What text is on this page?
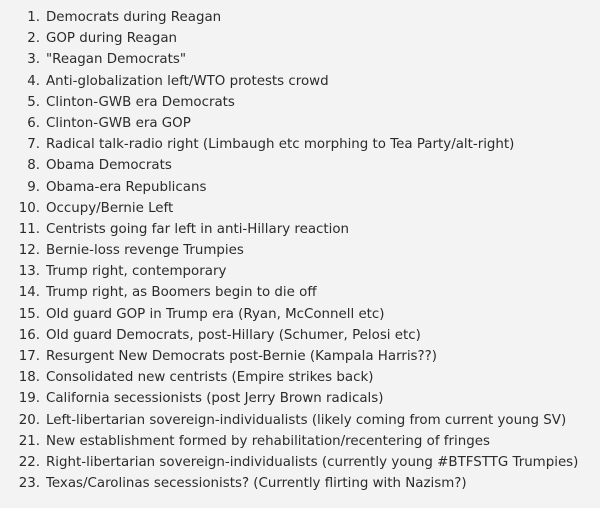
1. Democrats during Reagan
2. GOP during Reagan
3. "Reagan Democrats"
4. Anti-globalization left/WTO protests crowd
5. Clinton-GWB era Democrats
6. Clinton-GWB era GOP
7. Radical talk-radio right (Limbaugh etc morphing to Tea Party/alt-right)
8. Obama Democrats
9. Obama-era Republicans
10. Occupy/Bernie Left
11. Centrists going far left in anti-Hillary reaction
12. Bernie-loss revenge Trumpies
13. Trump right, contemporary
14. Trump right, as Boomers begin to die off
15. Old guard GOP in Trump era (Ryan, McConnell etc)
16. Old guard Democrats, post-Hillary (Schumer, Pelosi etc)
17. Resurgent New Democrats post-Bernie (Kampala Harris??)
18. Consolidated new centrists (Empire strikes back)
19. California secessionists (post Jerry Brown radicals)
20. Left-libertarian sovereign-individualists (likely coming from current young SV)
21. New establishment formed by rehabilitation/recentering of fringes
22. Right-libertarian sovereign-individualists (currently young #BTFSTTG Trumpies)
23. Texas/Carolinas secessionists? (Currently flirting with Nazism?)
